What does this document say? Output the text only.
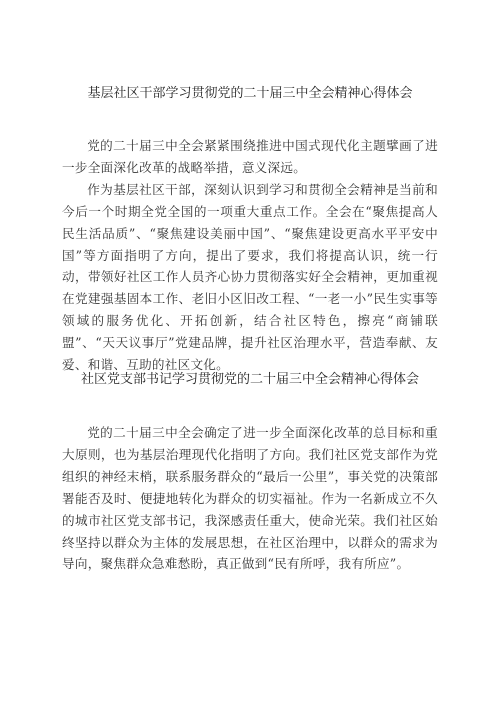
基层社区干部学习贯彻党的二十届三中全会精神心得体会

党的二十届三中全会紧紧围绕推进中国式现代化主题擘画了进一步全面深化改革的战略举措，意义深远。

作为基层社区干部，深刻认识到学习和贯彻全会精神是当前和今后一个时期全党全国的一项重大重点工作。全会在“聚焦提高人民生活品质”、“聚焦建设美丽中国”、“聚焦建设更高水平平安中国”等方面指明了方向，提出了要求，我们将提高认识，统一行动，带领好社区工作人员齐心协力贯彻落实好全会精神，更加重视在党建强基固本工作、老旧小区旧改工程、“一老一小”民生实事等领域的服务优化、开拓创新，结合社区特色，擦亮“商铺联盟”、“天天议事厅”党建品牌，提升社区治理水平，营造奉献、友爱、和谐、互助的社区文化。

社区党支部书记学习贯彻党的二十届三中全会精神心得体会

党的二十届三中全会确定了进一步全面深化改革的总目标和重大原则，也为基层治理现代化指明了方向。我们社区党支部作为党组织的神经末梢，联系服务群众的“最后一公里”，事关党的决策部署能否及时、便捷地转化为群众的切实福祉。作为一名新成立不久的城市社区党支部书记，我深感责任重大，使命光荣。我们社区始终坚持以群众为主体的发展思想，在社区治理中，以群众的需求为导向，聚焦群众急难愁盼，真正做到“民有所呼，我有所应”。
